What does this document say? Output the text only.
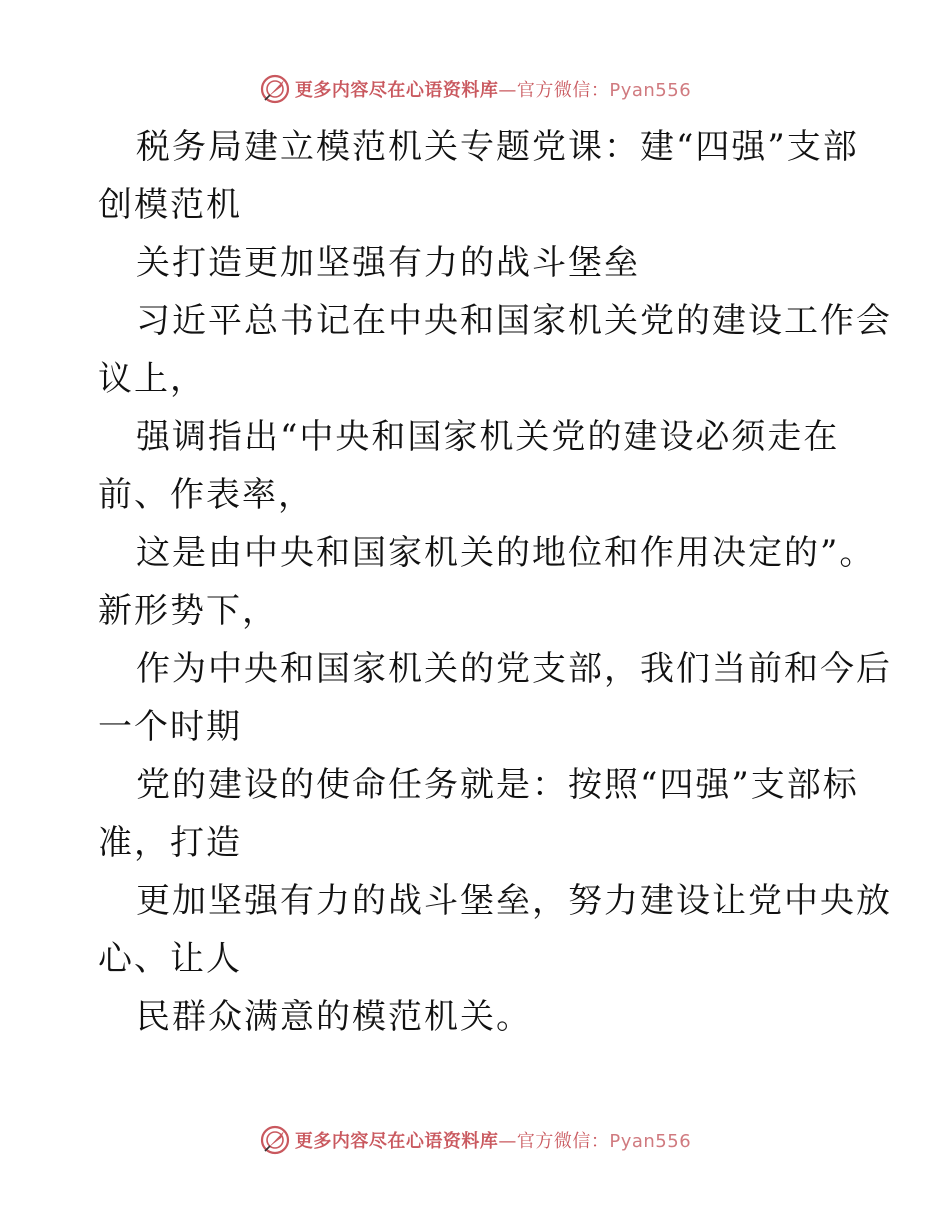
更多内容尽在心语资料库—官方微信：Pyan556
税务局建立模范机关专题党课：建“四强”支部
创模范机
关打造更加坚强有力的战斗堡垒
习近平总书记在中央和国家机关党的建设工作会
议上，
强调指出“中央和国家机关党的建设必须走在
前、作表率，
这是由中央和国家机关的地位和作用决定的”。
新形势下，
作为中央和国家机关的党支部，我们当前和今后
一个时期
党的建设的使命任务就是：按照“四强”支部标
准，打造
更加坚强有力的战斗堡垒，努力建设让党中央放
心、让人
民群众满意的模范机关。
更多内容尽在心语资料库—官方微信：Pyan556
